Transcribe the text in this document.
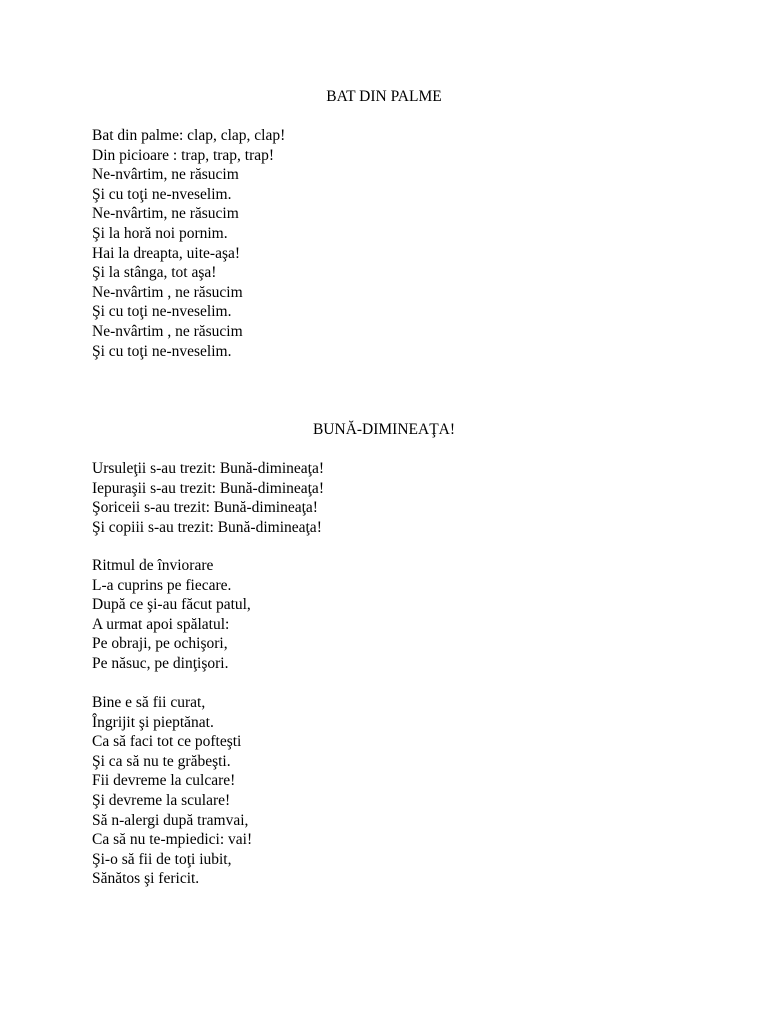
BAT DIN PALME
Bat din palme: clap, clap, clap!
Din picioare : trap, trap, trap!
Ne-nvârtim, ne răsucim
Şi cu toţi ne-nveselim.
Ne-nvârtim, ne răsucim
Şi la horă noi pornim.
Hai la dreapta, uite-aşa!
Şi la stânga, tot aşa!
Ne-nvârtim , ne răsucim
Şi cu toţi ne-nveselim.
Ne-nvârtim , ne răsucim
Şi cu toţi ne-nveselim.
BUNĂ-DIMINEAŢA!
Ursuleţii s-au trezit: Bună-dimineaţa!
Iepuraşii s-au trezit: Bună-dimineaţa!
Şoriceii s-au trezit: Bună-dimineaţa!
Şi copiii s-au trezit: Bună-dimineaţa!
Ritmul de înviorare
L-a cuprins pe fiecare.
După ce şi-au făcut patul,
A urmat apoi spălatul:
Pe obraji, pe ochişori,
Pe năsuc, pe dinţişori.
Bine e să fii curat,
Îngrijit şi pieptănat.
Ca să faci tot ce pofteşti
Şi ca să nu te grăbeşti.
Fii devreme la culcare!
Şi devreme la sculare!
Să n-alergi după tramvai,
Ca să nu te-mpiedici: vai!
Şi-o să fii de toţi iubit,
Sănătos şi fericit.
